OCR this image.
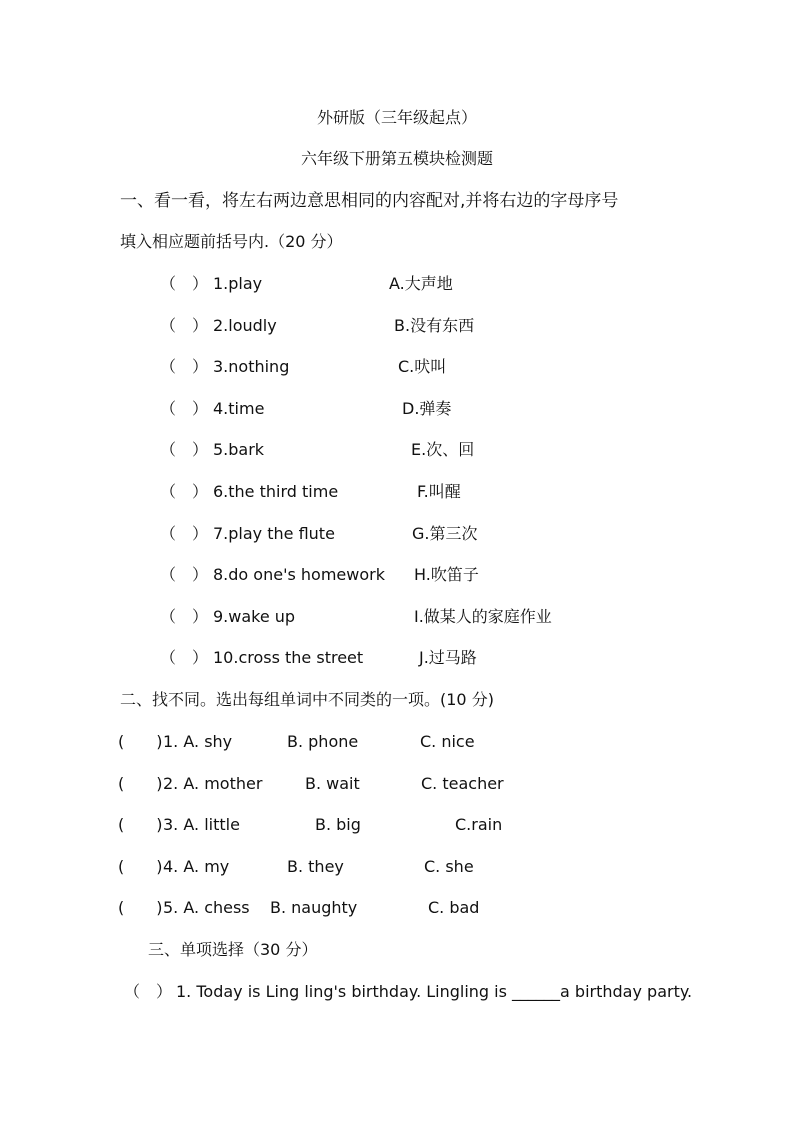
外研版（三年级起点）
六年级下册第五模块检测题
一、看一看，将左右两边意思相同的内容配对,并将右边的字母序号
填入相应题前括号内.（20 分）
（　） 1.play	A.大声地
（　） 2.loudly	B.没有东西
（　） 3.nothing	C.吠叫
（　） 4.time	D.弹奏
（　） 5.bark	E.次、回
（　） 6.the third time	F.叫醒
（　） 7.play the flute	G.第三次
（　） 8.do one's homework H.吹笛子
（　） 9.wake up	I.做某人的家庭作业
（　） 10.cross the street	J.过马路
二、找不同。选出每组单词中不同类的一项。(10 分)
(　　) 1. A. shy	B. phone	C. nice
(　　) 2. A. mother	B. wait	C. teacher
(　　) 3. A. little	B. big	C.rain
(　　) 4. A. my	B. they	C. she
(　　) 5. A. chess B. naughty	C. bad
三、单项选择（30 分）
（　） 1. Today is Ling ling's birthday. Lingling is ______a birthday party.
